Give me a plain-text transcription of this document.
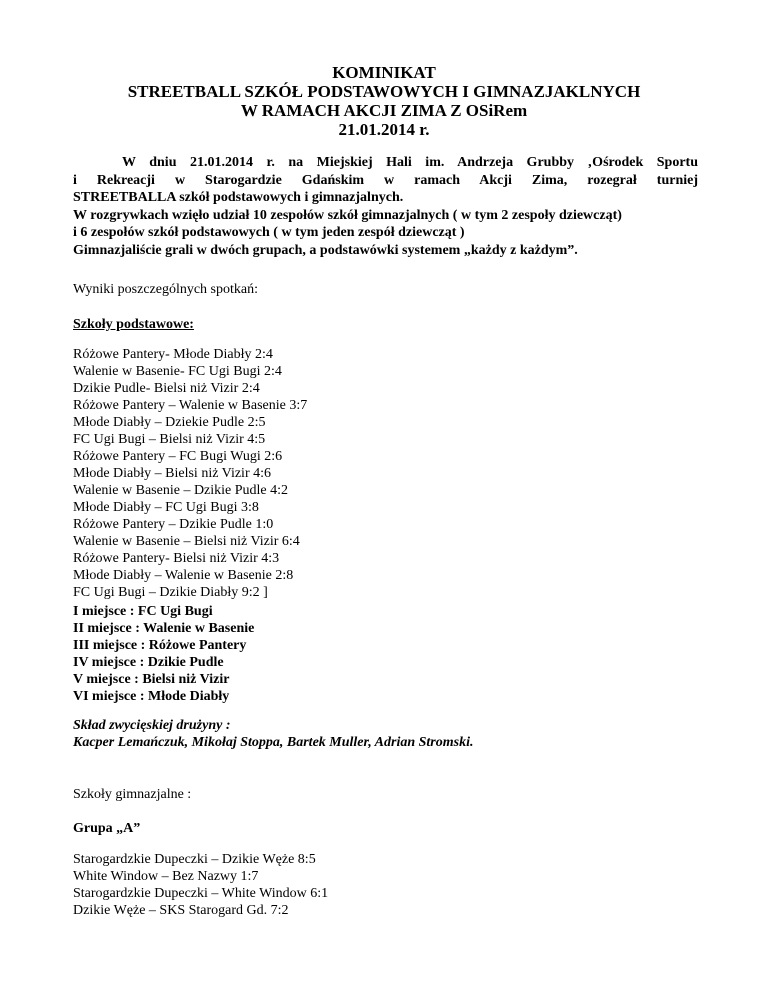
KOMINIKAT
STREETBALL SZKÓŁ PODSTAWOWYCH I GIMNAZJAKLNYCH
W RAMACH AKCJI ZIMA Z OSiRem
21.01.2014 r.
W dniu 21.01.2014 r. na Miejskiej Hali im. Andrzeja Grubby ‚Ośrodek Sportu
i Rekreacji w Starogardzie Gdańskim w ramach Akcji Zima, rozegrał turniej
STREETBALLA szkół podstawowych i gimnazjalnych.
W rozgrywkach wzięło udział 10 zespołów szkół gimnazjalnych ( w tym 2 zespoły dziewcząt)
i 6 zespołów szkół podstawowych ( w tym jeden zespół dziewcząt )
Gimnazjaliście grali w dwóch grupach, a podstawówki systemem „każdy z każdym”.
Wyniki poszczególnych spotkań:
Szkoły podstawowe:
Różowe Pantery- Młode Diabły 2:4
Walenie w Basenie- FC Ugi Bugi 2:4
Dzikie Pudle- Bielsi niż Vizir 2:4
Różowe Pantery – Walenie w Basenie 3:7
Młode Diabły – Dziekie Pudle 2:5
FC Ugi Bugi – Bielsi niż Vizir 4:5
Różowe Pantery – FC Bugi Wugi 2:6
Młode Diabły – Bielsi niż Vizir 4:6
Walenie w Basenie – Dzikie Pudle 4:2
Młode Diabły – FC Ugi Bugi 3:8
Różowe Pantery – Dzikie Pudle 1:0
Walenie w Basenie – Bielsi niż Vizir 6:4
Różowe Pantery- Bielsi niż Vizir 4:3
Młode Diabły – Walenie w Basenie 2:8
FC Ugi Bugi – Dzikie Diabły 9:2 ]
I miejsce : FC Ugi Bugi
II miejsce : Walenie w Basenie
III miejsce : Różowe Pantery
IV miejsce : Dzikie Pudle
V miejsce : Bielsi niż Vizir
VI miejsce : Młode Diabły
Skład zwycięskiej drużyny :
Kacper Lemańczuk, Mikołaj Stoppa, Bartek Muller, Adrian Stromski.
Szkoły gimnazjalne :
Grupa „A”
Starogardzkie Dupeczki – Dzikie Węże 8:5
White Window – Bez Nazwy 1:7
Starogardzkie Dupeczki – White Window 6:1
Dzikie Węże – SKS Starogard Gd. 7:2
